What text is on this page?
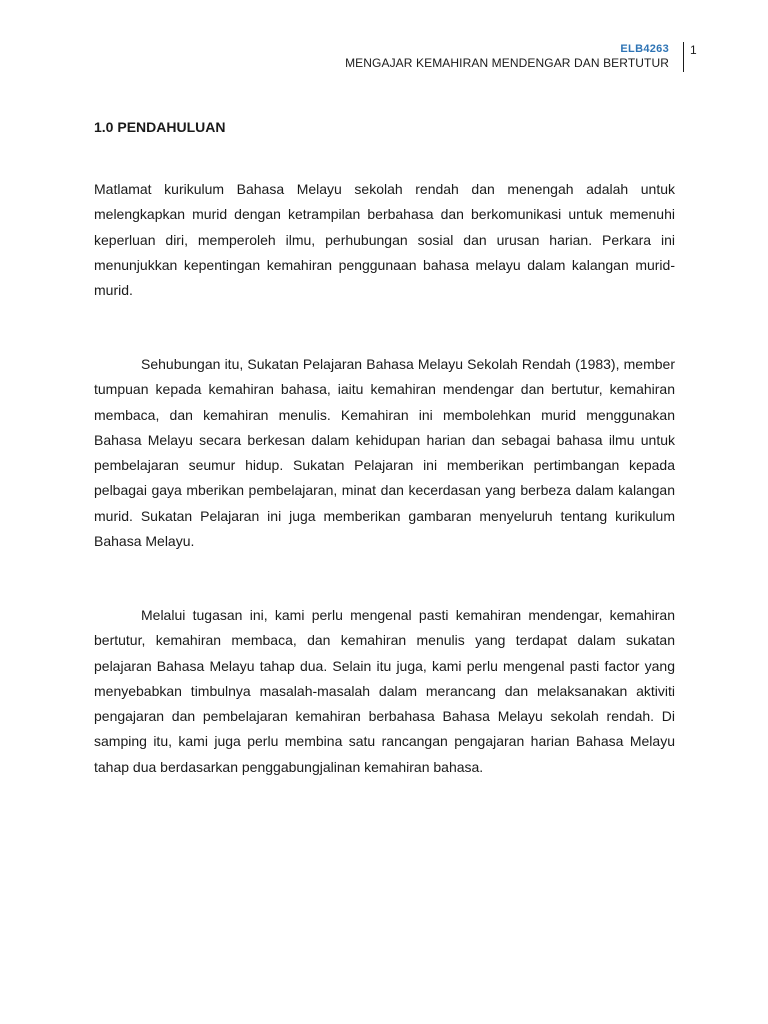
ELB4263
MENGAJAR KEMAHIRAN MENDENGAR DAN BERTUTUR
1
1.0 PENDAHULUAN

Matlamat kurikulum Bahasa Melayu sekolah rendah dan menengah adalah untuk melengkapkan murid dengan ketrampilan berbahasa dan berkomunikasi untuk memenuhi keperluan diri, memperoleh ilmu, perhubungan sosial dan urusan harian. Perkara ini menunjukkan kepentingan kemahiran penggunaan bahasa melayu dalam kalangan murid-murid.

Sehubungan itu, Sukatan Pelajaran Bahasa Melayu Sekolah Rendah (1983), member tumpuan kepada kemahiran bahasa, iaitu kemahiran mendengar dan bertutur, kemahiran membaca, dan kemahiran menulis. Kemahiran ini membolehkan murid menggunakan Bahasa Melayu secara berkesan dalam kehidupan harian dan sebagai bahasa ilmu untuk pembelajaran seumur hidup. Sukatan Pelajaran ini memberikan pertimbangan kepada pelbagai gaya mberikan pembelajaran, minat dan kecerdasan yang berbeza dalam kalangan murid. Sukatan Pelajaran ini juga memberikan gambaran menyeluruh tentang kurikulum Bahasa Melayu.

Melalui tugasan ini, kami perlu mengenal pasti kemahiran mendengar, kemahiran bertutur, kemahiran membaca, dan kemahiran menulis yang terdapat dalam sukatan pelajaran Bahasa Melayu tahap dua. Selain itu juga, kami perlu mengenal pasti factor yang menyebabkan timbulnya masalah-masalah dalam merancang dan melaksanakan aktiviti pengajaran dan pembelajaran kemahiran berbahasa Bahasa Melayu sekolah rendah. Di samping itu, kami juga perlu membina satu rancangan pengajaran harian Bahasa Melayu tahap dua berdasarkan penggabungjalinan kemahiran bahasa.
